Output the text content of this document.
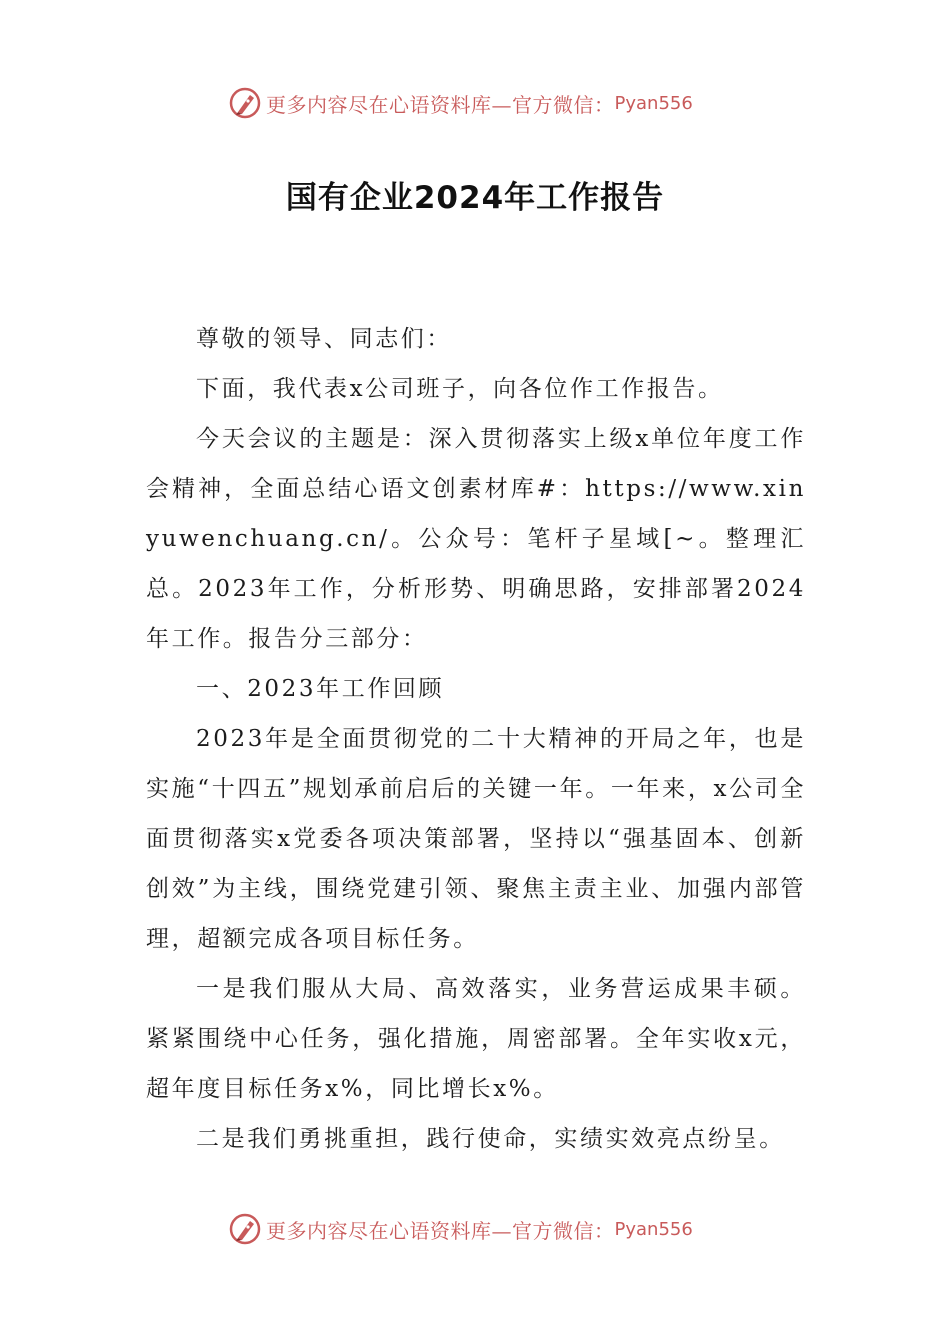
更多内容尽在心语资料库—官方微信： Pyan556
国有企业2024年工作报告

尊敬的领导、同志们：

下面，我代表x公司班子，向各位作工作报告。

今天会议的主题是：深入贯彻落实上级x单位年度工作会精神，全面总结心语文创素材库#：https://www.xinyuwenchuang.cn/。公众号：笔杆子星域[~。整理汇总。2023年工作，分析形势、明确思路，安排部署2024年工作。报告分三部分：

一、2023年工作回顾

2023年是全面贯彻党的二十大精神的开局之年，也是实施“十四五”规划承前启后的关键一年。一年来，x公司全面贯彻落实x党委各项决策部署，坚持以“强基固本、创新创效”为主线，围绕党建引领、聚焦主责主业、加强内部管理，超额完成各项目标任务。

一是我们服从大局、高效落实，业务营运成果丰硕。紧紧围绕中心任务，强化措施，周密部署。全年实收x元，超年度目标任务x%，同比增长x%。

二是我们勇挑重担，践行使命，实绩实效亮点纷呈。

更多内容尽在心语资料库—官方微信： Pyan556
